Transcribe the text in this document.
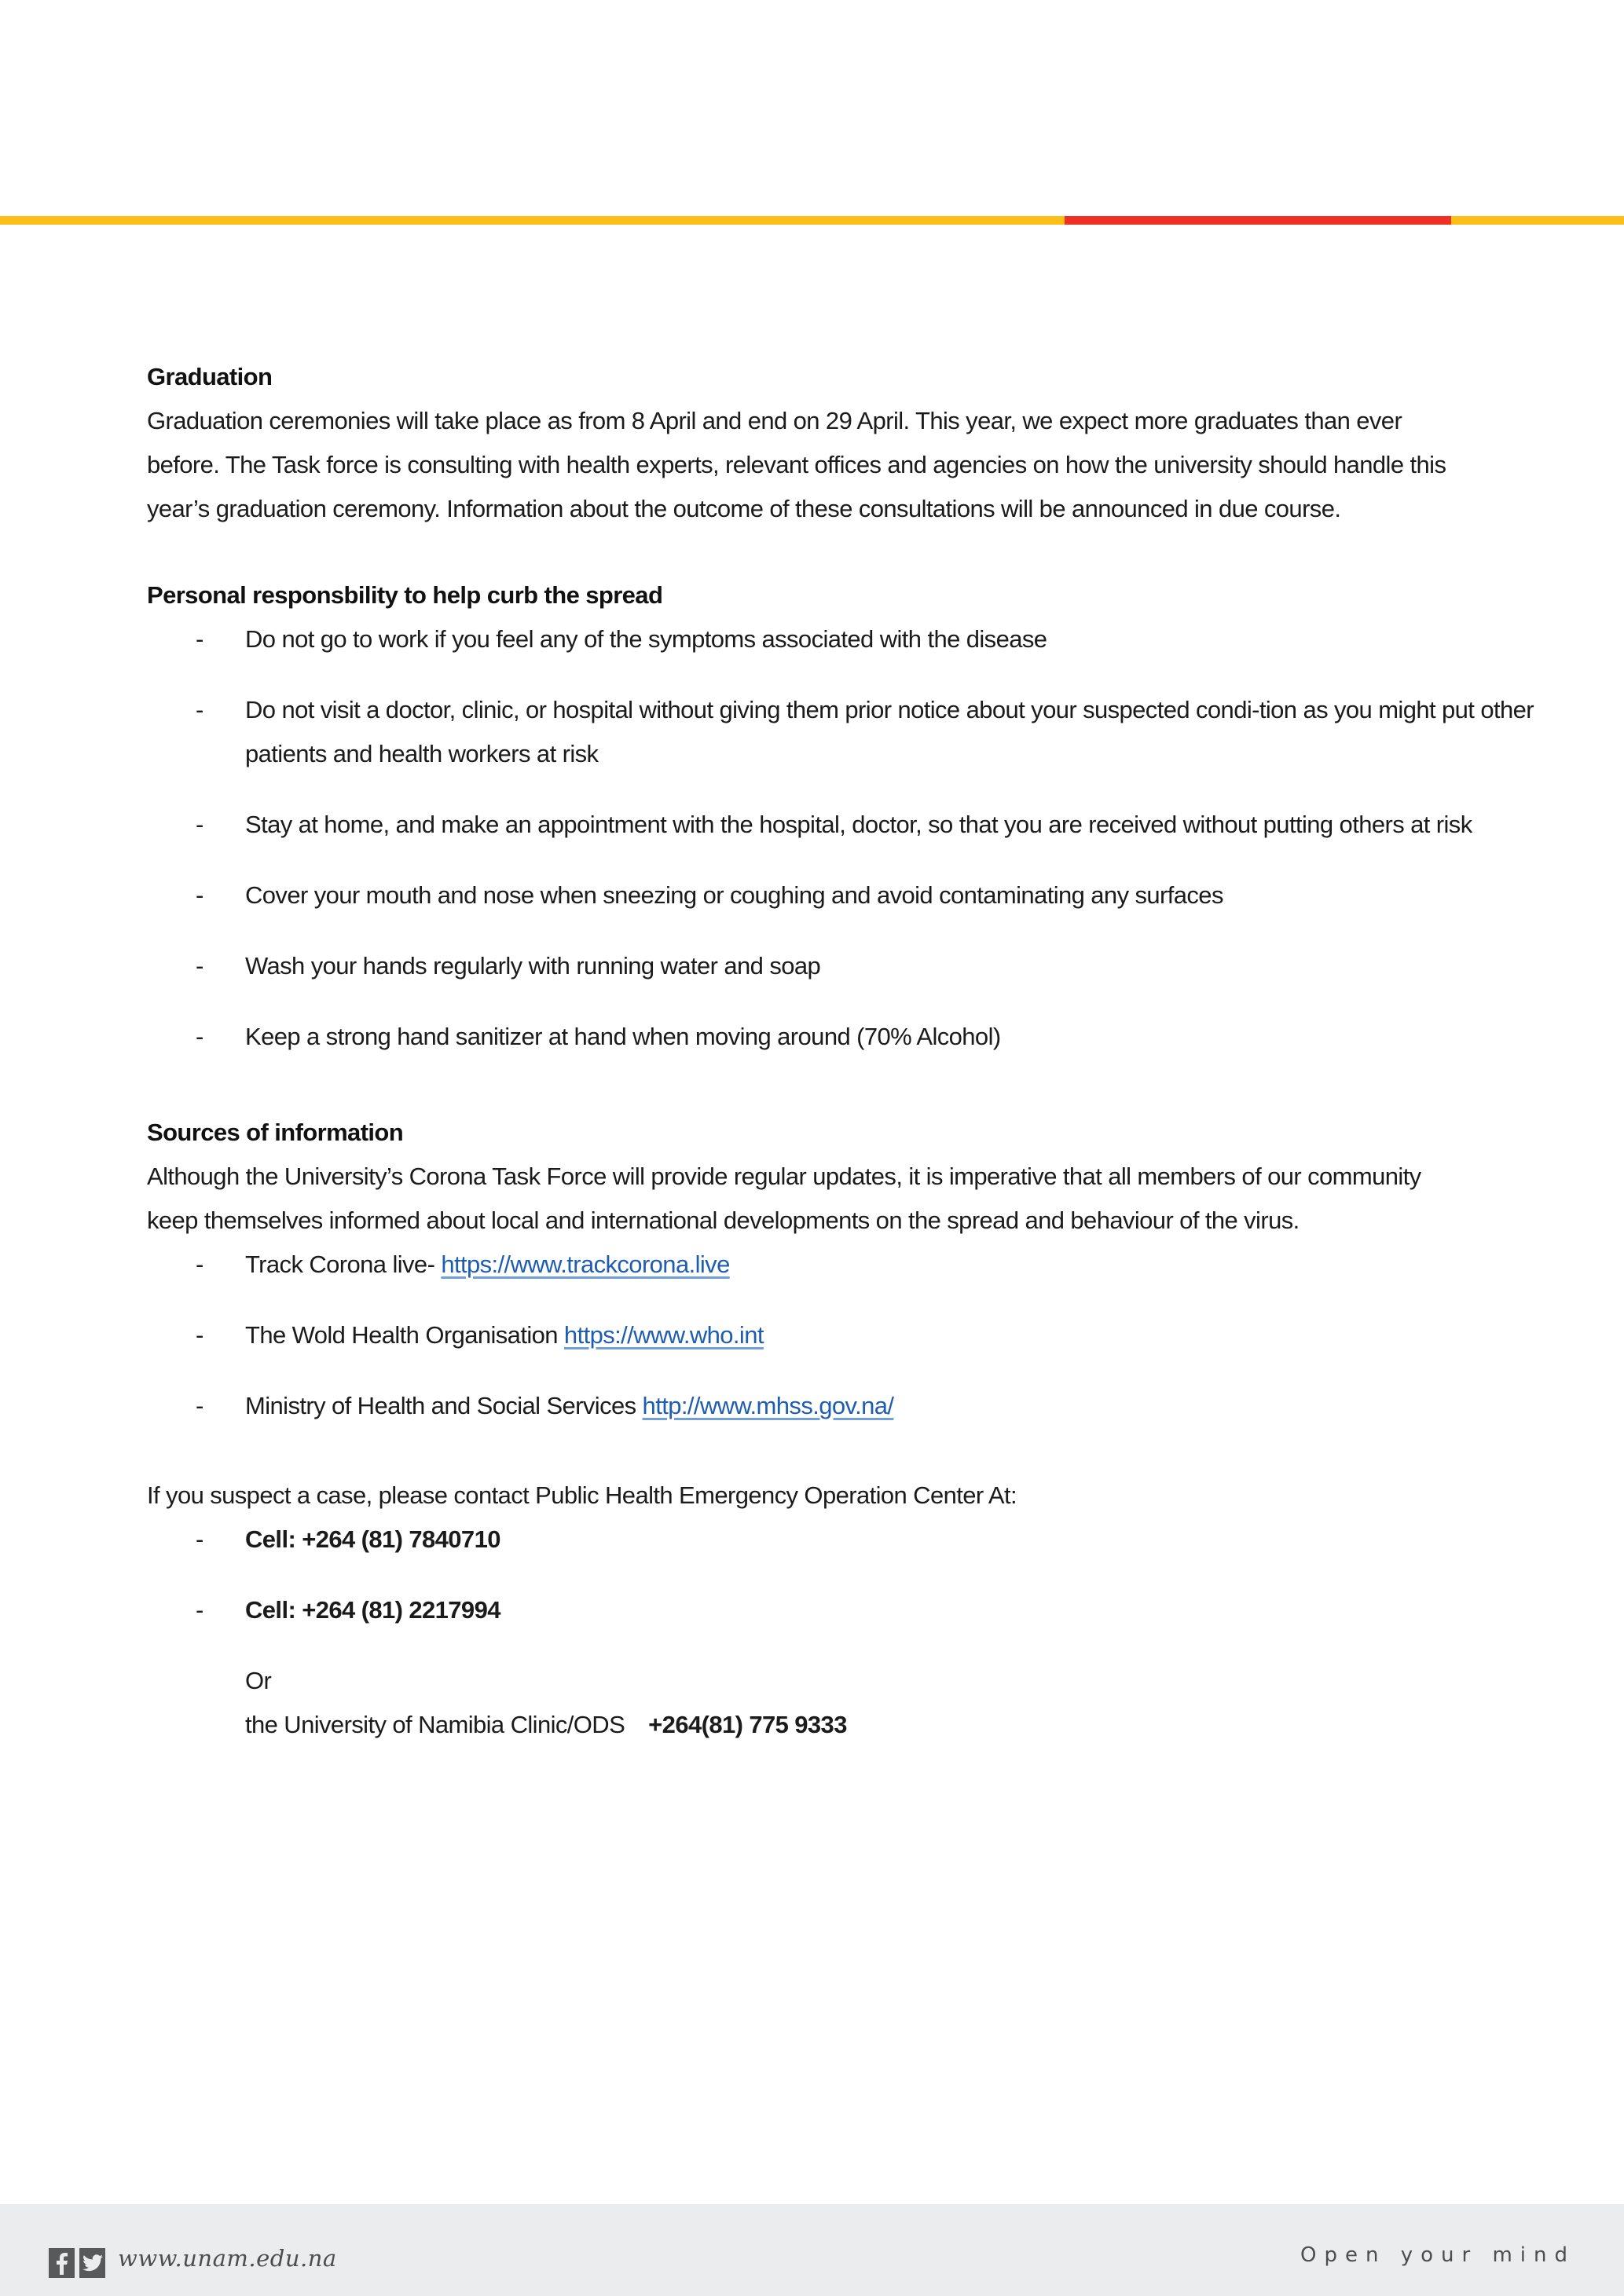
Graduation

Graduation ceremonies will take place as from 8 April and end on 29 April. This year, we expect more graduates than ever before. The Task force is consulting with health experts, relevant offices and agencies on how the university should handle this year’s graduation ceremony. Information about the outcome of these consultations will be announced in due course.

Personal responsbility to help curb the spread
- Do not go to work if you feel any of the symptoms associated with the disease
- Do not visit a doctor, clinic, or hospital without giving them prior notice about your suspected condi-tion as you might put other patients and health workers at risk
- Stay at home, and make an appointment with the hospital, doctor, so that you are received without putting others at risk
- Cover your mouth and nose when sneezing or coughing and avoid contaminating any surfaces
- Wash your hands regularly with running water and soap
- Keep a strong hand sanitizer at hand when moving around (70% Alcohol)
Sources of information

Although the University’s Corona Task Force will provide regular updates, it is imperative that all members of our community keep themselves informed about local and international developments on the spread and behaviour of the virus.

- Track Corona live- https://www.trackcorona.live
- The Wold Health Organisation https://www.who.int
- Ministry of Health and Social Services http://www.mhss.gov.na/
If you suspect a case, please contact Public Health Emergency Operation Center At:
- Cell: +264 (81) 7840710
- Cell: +264 (81) 2217994
Or
the University of Namibia Clinic/ODS +264(81) 775 9333
www.unam.edu.na	Open your mind
